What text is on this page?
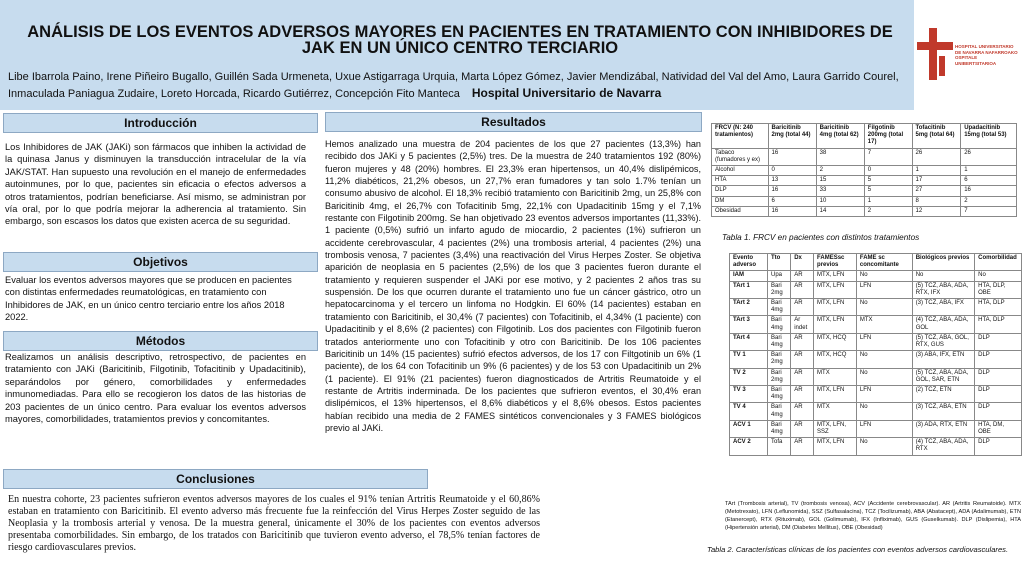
ANÁLISIS DE LOS EVENTOS ADVERSOS MAYORES EN PACIENTES EN TRATAMIENTO CON INHIBIDORES DE JAK EN UN ÚNICO CENTRO TERCIARIO
Libe Ibarrola Paino, Irene Piñeiro Bugallo, Guillén Sada Urmeneta, Uxue Astigarraga Urquia, Marta López Gómez, Javier Mendizábal, Natividad del Val del Amo, Laura Garrido Courel,
Inmaculada Paniagua Zudaire, Loreto Horcada, Ricardo Gutiérrez, Concepción Fito Manteca Hospital Universitario de Navarra
HOSPITAL UNIVERSITARIO DE NAVARRA NAFARROAKO OSPITALE UNIBERTSITARIOA
Introducción
Los Inhibidores de JAK (JAKi) son fármacos que inhiben la actividad de la quinasa Janus y disminuyen la transducción intracelular de la vía JAK/STAT. Han supuesto una revolución en el manejo de enfermedades autoinmunes, por lo que, pacientes sin eficacia o efectos adversos a otros tratamientos, podrían beneficiarse. Así mismo, se administran por vía oral, por lo que podría mejorar la adherencia al tratamiento. Sin embargo, son escasos los datos que existen acerca de su seguridad.
Objetivos
Evaluar los eventos adversos mayores que se producen en pacientes con distintas enfermedades reumatológicas, en tratamiento con Inhibidores de JAK, en un único centro terciario entre los años 2018 2022.
Métodos
Realizamos un análisis descriptivo, retrospectivo, de pacientes en tratamiento con JAKi (Baricitinib, Filgotinib, Tofacitinib y Upadacitinib), separándolos por género, comorbilidades y enfermedades inmunomediadas. Para ello se recogieron los datos de las historias de 203 pacientes de un único centro. Para evaluar los eventos adversos mayores, comorbilidades, tratamientos previos y concomitantes.
Resultados
Hemos analizado una muestra de 204 pacientes de los que 27 pacientes (13,3%) han recibido dos JAKi y 5 pacientes (2,5%) tres. De la muestra de 240 tratamientos 192 (80%) fueron mujeres y 48 (20%) hombres. El 23,3% eran hipertensos, un 40,4% dislipémicos, 11,2% diabéticos, 21,2% obesos, un 27,7% eran fumadores y tan solo 1.7% tenían un consumo abusivo de alcohol. El 18,3% recibió tratamiento con Baricitinib 2mg, un 25,8% con Baricitinib 4mg, el 26,7% con Tofacitinib 5mg, 22,1% con Upadacitinib 15mg y el 7,1% restante con Filgotinib 200mg. Se han objetivado 23 eventos adversos importantes (11,33%). 1 paciente (0,5%) sufrió un infarto agudo de miocardio, 2 pacientes (1%) sufrieron un accidente cerebrovascular, 4 pacientes (2%) una trombosis arterial, 4 pacientes (2%) una trombosis venosa, 7 pacientes (3,4%) una reactivación del Virus Herpes Zoster. Se objetiva aparición de neoplasia en 5 pacientes (2,5%) de los que 3 pacientes fueron durante el tratamiento y requieren suspender el JAKi por ese motivo, y 2 pacientes 2 años tras su suspensión. De los que ocurren durante el tratamiento uno fue un cáncer gástrico, otro un hepatocarcinoma y el tercero un linfoma no Hodgkin. El 60% (14 pacientes) estaban en tratamiento con Baricitinib, el 30,4% (7 pacientes) con Tofacitinib, el 4,34% (1 paciente) con Upadacitinib y el 8,6% (2 pacientes) con Filgotinib. Los dos pacientes con Filgotinib fueron tratados anteriormente uno con Tofacitinib y otro con Baricitinib. De los 106 pacientes Baricitinib un 14% (15 pacientes) sufrió efectos adversos, de los 17 con Filtgotinib un 6% (1 paciente), de los 64 con Tofacitinib un 9% (6 pacientes) y de los 53 con Upadacitinib un 2% (1 paciente). El 91% (21 pacientes) fueron diagnosticados de Artritis Reumatoide y el restante de Artritis inderminada. De los pacientes que sufrieron eventos, el 30,4% eran dislipémicos, el 13% hipertensos, el 8,6% diabéticos y el 8,6% obesos. Estos pacientes habían recibido una media de 2 FAMES sintéticos convencionales y 3 FAMES biológicos previo al JAKi.
Conclusiones
En nuestra cohorte, 23 pacientes sufrieron eventos adversos mayores de los cuales el 91% tenían Artritis Reumatoide y el 60,86% estaban en tratamiento con Baricitinib. El evento adverso más frecuente fue la reinfección del Virus Herpes Zoster seguido de las Neoplasia y la trombosis arterial y venosa. De la muestra general, únicamente el 30% de los pacientes con eventos adversos presentaba comorbilidades. Sin embargo, de los tratados con Baricitinib que tuvieron evento adverso, el 78,5% tenían factores de riesgo cardiovasculares previos.
FRCV (N: 240 tratamientos)	Baricitinib 2mg (total 44)	Baricitinib 4mg (total 62)	Filgotinib 200mg (total 17)	Tofacitinib 5mg (total 64)	Upadacitinib 15mg (total 53)
Tabaco (fumadores y ex)	16	38	7	26	26
Alcohol	0	2	0	1	1
HTA	13	15	5	17	6
DLP	16	33	5	27	16
DM	6	10	1	8	2
Obesidad	16	14	2	12	7
Tabla 1. FRCV en pacientes con distintos tratamientos
Evento adverso	Tto	Dx	FAMESsc previos	FAME sc concomitante	Biológicos previos	Comorbilidad
IAM	Upa	AR	MTX, LFN	No	No	No
TArt 1	Bari 2mg	AR	MTX, LFN	LFN	(5) TCZ, ABA, ADA, RTX, IFX	HTA, DLP, OBE
TArt 2	Bari 4mg	AR	MTX, LFN	No	(3) TCZ, ABA, IFX	HTA, DLP
TArt 3	Bari 4mg	Ar indet	MTX, LFN	MTX	(4) TCZ, ABA, ADA, GOL	HTA, DLP
TArt 4	Bari 4mg	AR	MTX, HCQ	LFN	(5) TCZ, ABA, GOL, RTX, GUS	DLP
TV 1	Bari 2mg	AR	MTX, HCQ	No	(3) ABA, IFX, ETN	DLP
TV 2	Bari 2mg	AR	MTX	No	(5) TCZ, ABA, ADA, GOL, SAR, ETN	DLP
TV 3	Bari 4mg	AR	MTX, LFN	LFN	(2) TCZ, ETN	DLP
TV 4	Bari 4mg	AR	MTX	No	(3) TCZ, ABA, ETN	DLP
ACV 1	Bari 4mg	AR	MTX, LFN, SSZ	LFN	(3) ADA, RTX, ETN	HTA, DM, OBE
ACV 2	Tofa	AR	MTX, LFN	No	(4) TCZ, ABA, ADA, RTX	DLP
TArt (Trombosis arterial), TV (trombosis venosa), ACV (Accidente cerebrovascular). AR (Artritis Reumatoide). MTX (Metotrexato), LFN (Leflunomida), SSZ (Sulfasalacina), TCZ (Tocilizumab), ABA (Abatacept), ADA (Adalimumab), ETN (Etanercept), RTX (Rituximab), GOL (Golimumab), IFX (Infliximab), GUS (Guselkumab). DLP (Dislipemia), HTA (Hipertensión arterial), DM (Diabetes Mellitus), OBE (Obesidad)
Tabla 2. Características clínicas de los pacientes con eventos adversos cardiovasculares.
